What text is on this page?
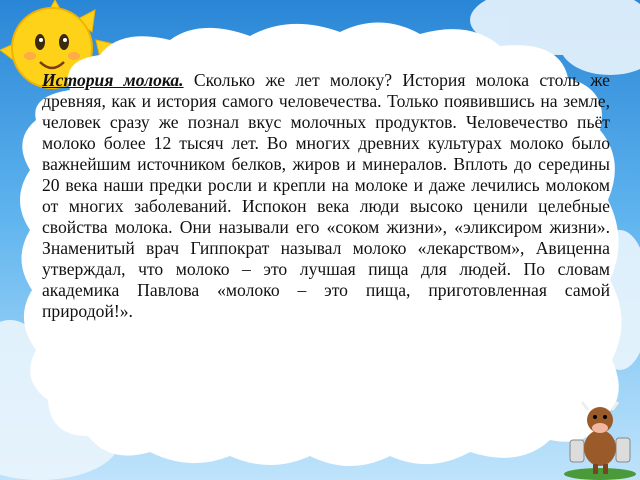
История молока. Сколько же лет молоку? История молока столь же древняя, как и история самого человечества. Только появившись на земле, человек сразу же познал вкус молочных продуктов. Человечество пьёт молоко более 12 тысяч лет. Во многих древних культурах молоко было важнейшим источником белков, жиров и минералов. Вплоть до середины 20 века наши предки росли и крепли на молоке и даже лечились молоком от многих заболеваний. Испокон века люди высоко ценили целебные свойства молока. Они называли его «соком жизни», «эликсиром жизни». Знаменитый врач Гиппократ называл молоко «лекарством», Авиценна утверждал, что молоко – это лучшая пища для людей. По словам академика Павлова «молоко – это пища, приготовленная самой природой!».
